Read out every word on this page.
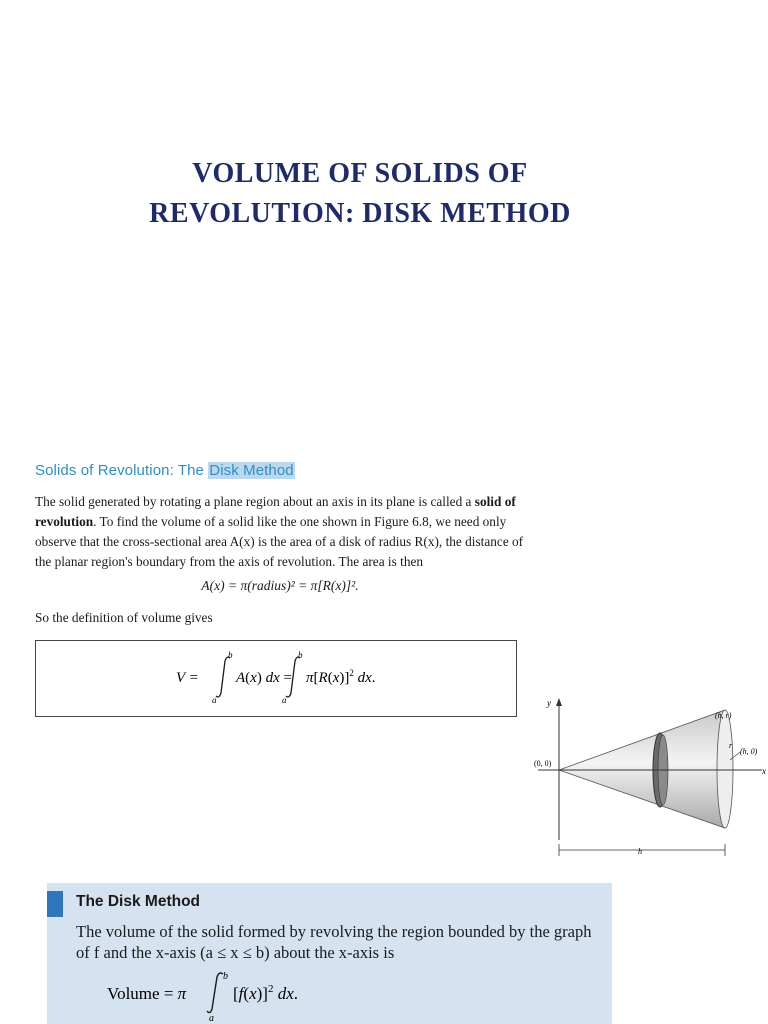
VOLUME OF SOLIDS OF
REVOLUTION: DISK METHOD
Solids of Revolution: The Disk Method
The solid generated by rotating a plane region about an axis in its plane is called a solid of revolution. To find the volume of a solid like the one shown in Figure 6.8, we need only observe that the cross-sectional area A(x) is the area of a disk of radius R(x), the distance of the planar region's boundary from the axis of revolution. The area is then
A(x) = π(radius)² = π[R(x)]².
So the definition of volume gives
V =
b
a
A(x) dx =
b
a
$\pi[R(x)]^2$ dx.
y
x
(0, 0)
(h, r)
(h, 0)
r
h
The Disk Method
The volume of the solid formed by revolving the region bounded by the graph of f and the x-axis (a ≤ x ≤ b) about the x-axis is
Volume = π
b
a
$[f(x)]^2$ dx.
